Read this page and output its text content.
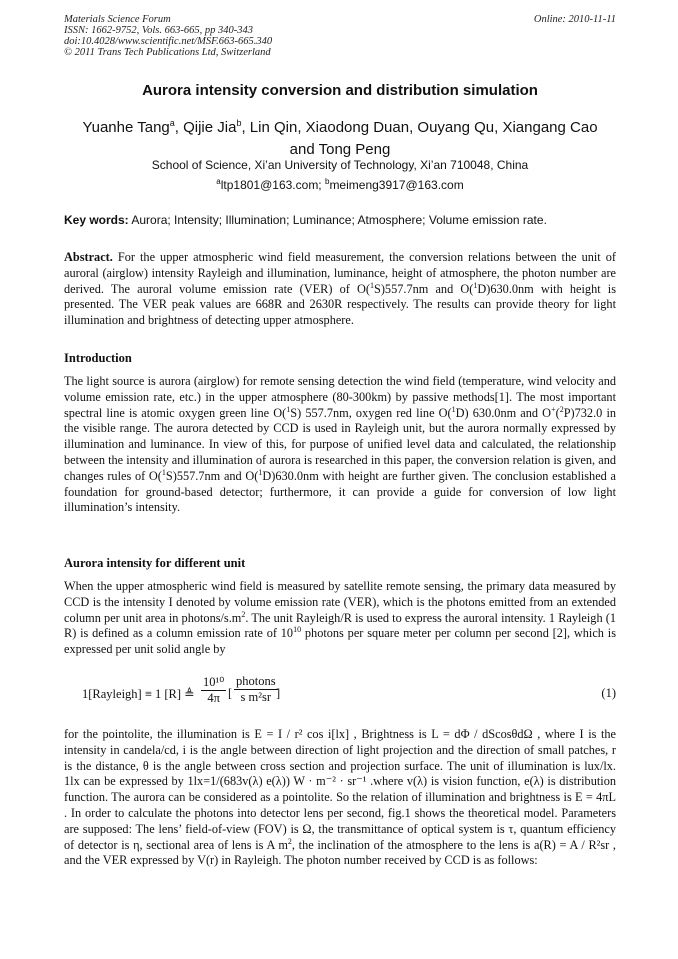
Materials Science Forum	Online: 2010-11-11
ISSN: 1662-9752, Vols. 663-665, pp 340-343
doi:10.4028/www.scientific.net/MSF.663-665.340
© 2011 Trans Tech Publications Ltd, Switzerland
Aurora intensity conversion and distribution simulation
Yuanhe Tang$^a$, Qijie Jia$^b$, Lin Qin, Xiaodong Duan, Ouyang Qu, Xiangang Cao
and Tong Peng
School of Science, Xi’an University of Technology, Xi’an 710048, China
$^a$ltp1801@163.com; $^b$meimeng3917@163.com
Key words: Aurora; Intensity; Illumination; Luminance; Atmosphere; Volume emission rate.
Abstract. For the upper atmospheric wind field measurement, the conversion relations between the unit of auroral (airglow) intensity Rayleigh and illumination, luminance, height of atmosphere, the photon number are derived. The auroral volume emission rate (VER) of O($^1$S)557.7nm and O($^1$D)630.0nm with height is presented. The VER peak values are 668R and 2630R respectively. The results can provide theory for light illumination and brightness of detecting upper atmosphere.
Introduction
The light source is aurora (airglow) for remote sensing detection the wind field (temperature, wind velocity and volume emission rate, etc.) in the upper atmosphere (80-300km) by passive methods[1]. The most important spectral line is atomic oxygen green line O($^1$S) 557.7nm, oxygen red line O($^1$D) 630.0nm and O+($^2$P)732.0 in the visible range. The aurora detected by CCD is used in Rayleigh unit, but the aurora normally expressed by illumination and luminance. In view of this, for purpose of unified level data and calculated, the relationship between the intensity and illumination of aurora is researched in this paper, the conversion relation is given, and changes rules of O($^1$S)557.7nm and O($^1$D)630.0nm with height are further given. The conclusion established a foundation for ground-based detector; furthermore, it can provide a guide for conversion of low light illumination’s intensity.
Aurora intensity for different unit
When the upper atmospheric wind field is measured by satellite remote sensing, the primary data measured by CCD is the intensity I denoted by volume emission rate (VER), which is the photons emitted from an extended column per unit area in photons/$s.m^2$. The unit Rayleigh/R is used to express the auroral intensity. 1 Rayleigh (1 R) is defined as a column emission rate of $10^{10}$ photons per square meter per column per second [2], which is expressed per unit solid angle by
1[Rayleigh] ≡ 1 [R] ≜ $\frac{\text{10¹⁰}}{4\pi}$ [
photons
s m²sr ]	(1)
for the pointolite, the illumination is E = I / r² cos i[lx] , Brightness is L = dΦ / dScosθdΩ , where I is the intensity in candela/cd, i is the angle between direction of light projection and the direction of small patches, r is the distance, θ is the angle between cross section and projection surface. The unit of illumination is lux/lx. 1lx can be expressed by 1lx=1/(683v(λ) e(λ)) W · m⁻² · sr⁻¹ .where v(λ) is vision function, e(λ) is distribution function. The aurora can be considered as a pointolite. So the relation of illumination and brightness is E = 4πL . In order to calculate the photons into detector lens per second, fig.1 shows the theoretical model. Parameters are supposed: The lens’ field-of-view (FOV) is Ω, the transmittance of optical system is τ, quantum efficiency of detector is η, sectional area of lens is A $m^2$, the inclination of the atmosphere to the lens is a(R) = A / R²sr , and the VER expressed by V(r) in Rayleigh. The photon number received by CCD is as follows:
